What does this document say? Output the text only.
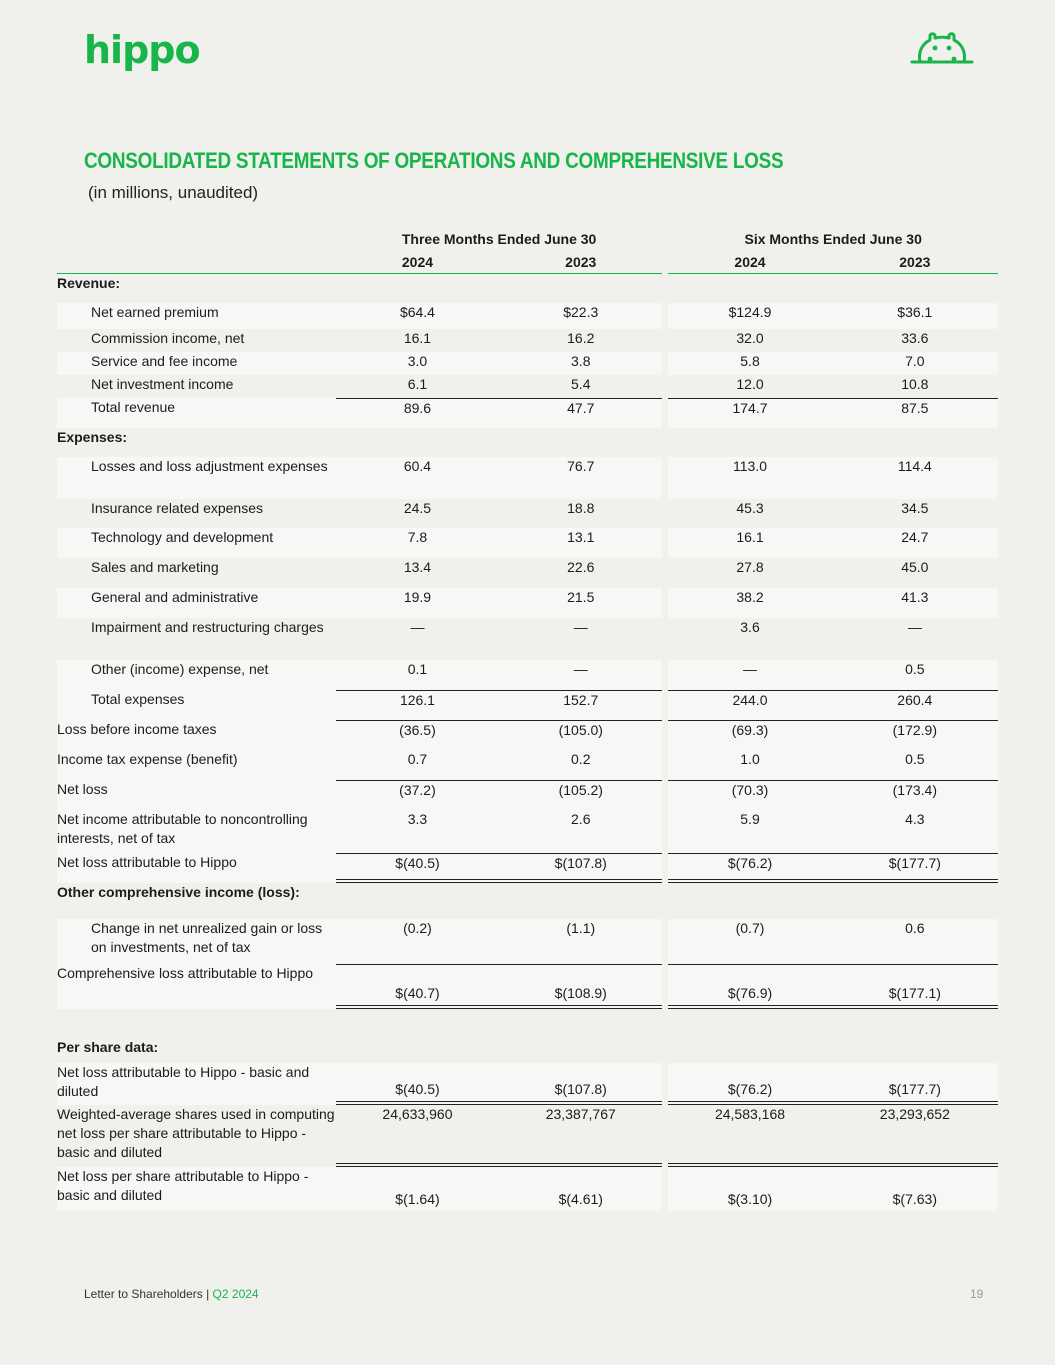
hippo
CONSOLIDATED STATEMENTS OF OPERATIONS AND COMPREHENSIVE LOSS
(in millions, unaudited)
	Three Months Ended June 30			Six Months Ended June 30	
	2024	2023		2024	2023
Revenue:					
Net earned premium	$64.4	$22.3		$124.9	$36.1
Commission income, net	16.1	16.2		32.0	33.6
Service and fee income	3.0	3.8		5.8	7.0
Net investment income	6.1	5.4		12.0	10.8
Total revenue	89.6	47.7		174.7	87.5
Expenses:					
Losses and loss adjustment expenses	60.4	76.7		113.0	114.4
Insurance related expenses	24.5	18.8		45.3	34.5
Technology and development	7.8	13.1		16.1	24.7
Sales and marketing	13.4	22.6		27.8	45.0
General and administrative	19.9	21.5		38.2	41.3
Impairment and restructuring charges	—	—		3.6	—
Other (income) expense, net	0.1	—		—	0.5
Total expenses	126.1	152.7		244.0	260.4
Loss before income taxes	(36.5)	(105.0)		(69.3)	(172.9)
Income tax expense (benefit)	0.7	0.2		1.0	0.5
Net loss	(37.2)	(105.2)		(70.3)	(173.4)
Net income attributable to noncontrolling interests, net of tax	3.3	2.6		5.9	4.3
Net loss attributable to Hippo	$(40.5)	$(107.8)		$(76.2)	$(177.7)
Other comprehensive income (loss):					
Change in net unrealized gain or loss on investments, net of tax	(0.2)	(1.1)		(0.7)	0.6
Comprehensive loss attributable to Hippo	$(40.7)	$(108.9)		$(76.9)	$(177.1)
Per share data:					
Net loss attributable to Hippo - basic and diluted	$(40.5)	$(107.8)		$(76.2)	$(177.7)
Weighted-average shares used in computing net loss per share attributable to Hippo - basic and diluted	24,633,960	23,387,767		24,583,168	23,293,652
Net loss per share attributable to Hippo - basic and diluted	$(1.64)	$(4.61)		$(3.10)	$(7.63)
Letter to Shareholders | Q2 2024	19
